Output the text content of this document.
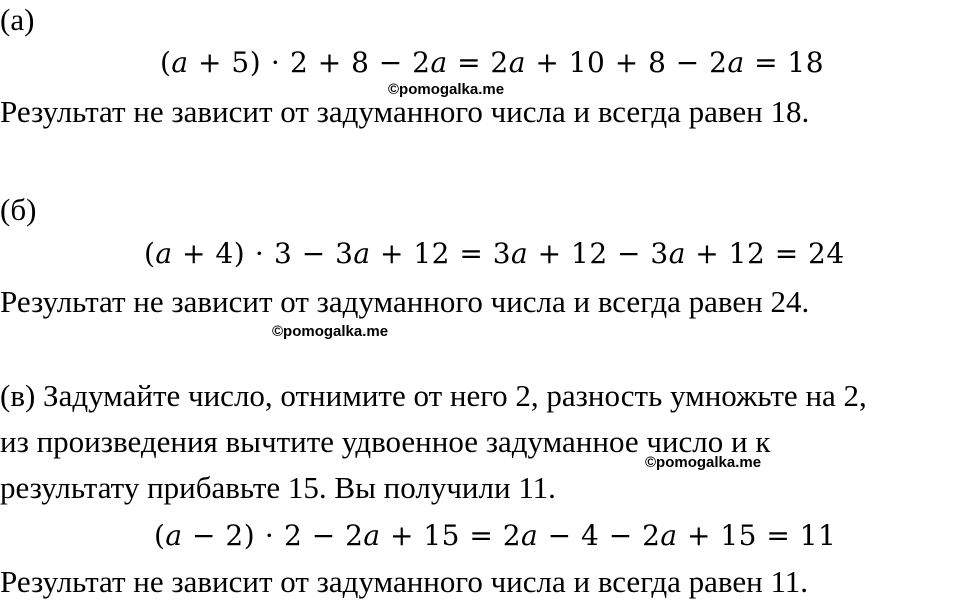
(а)
(𝑎 + 5) ⋅ 2 + 8 − 2𝑎 = 2𝑎 + 10 + 8 − 2𝑎 = 18
©pomogalka.me
Результат не зависит от задуманного числа и всегда равен 18.
(б)
(𝑎 + 4) ⋅ 3 − 3𝑎 + 12 = 3𝑎 + 12 − 3𝑎 + 12 = 24
Результат не зависит от задуманного числа и всегда равен 24.
©pomogalka.me
(в) Задумайте число, отнимите от него 2, разность умножьте на 2,
из произведения вычтите удвоенное задуманное число и к
©pomogalka.me
результату прибавьте 15. Вы получили 11.
(𝑎 − 2) ⋅ 2 − 2𝑎 + 15 = 2𝑎 − 4 − 2𝑎 + 15 = 11
Результат не зависит от задуманного числа и всегда равен 11.
